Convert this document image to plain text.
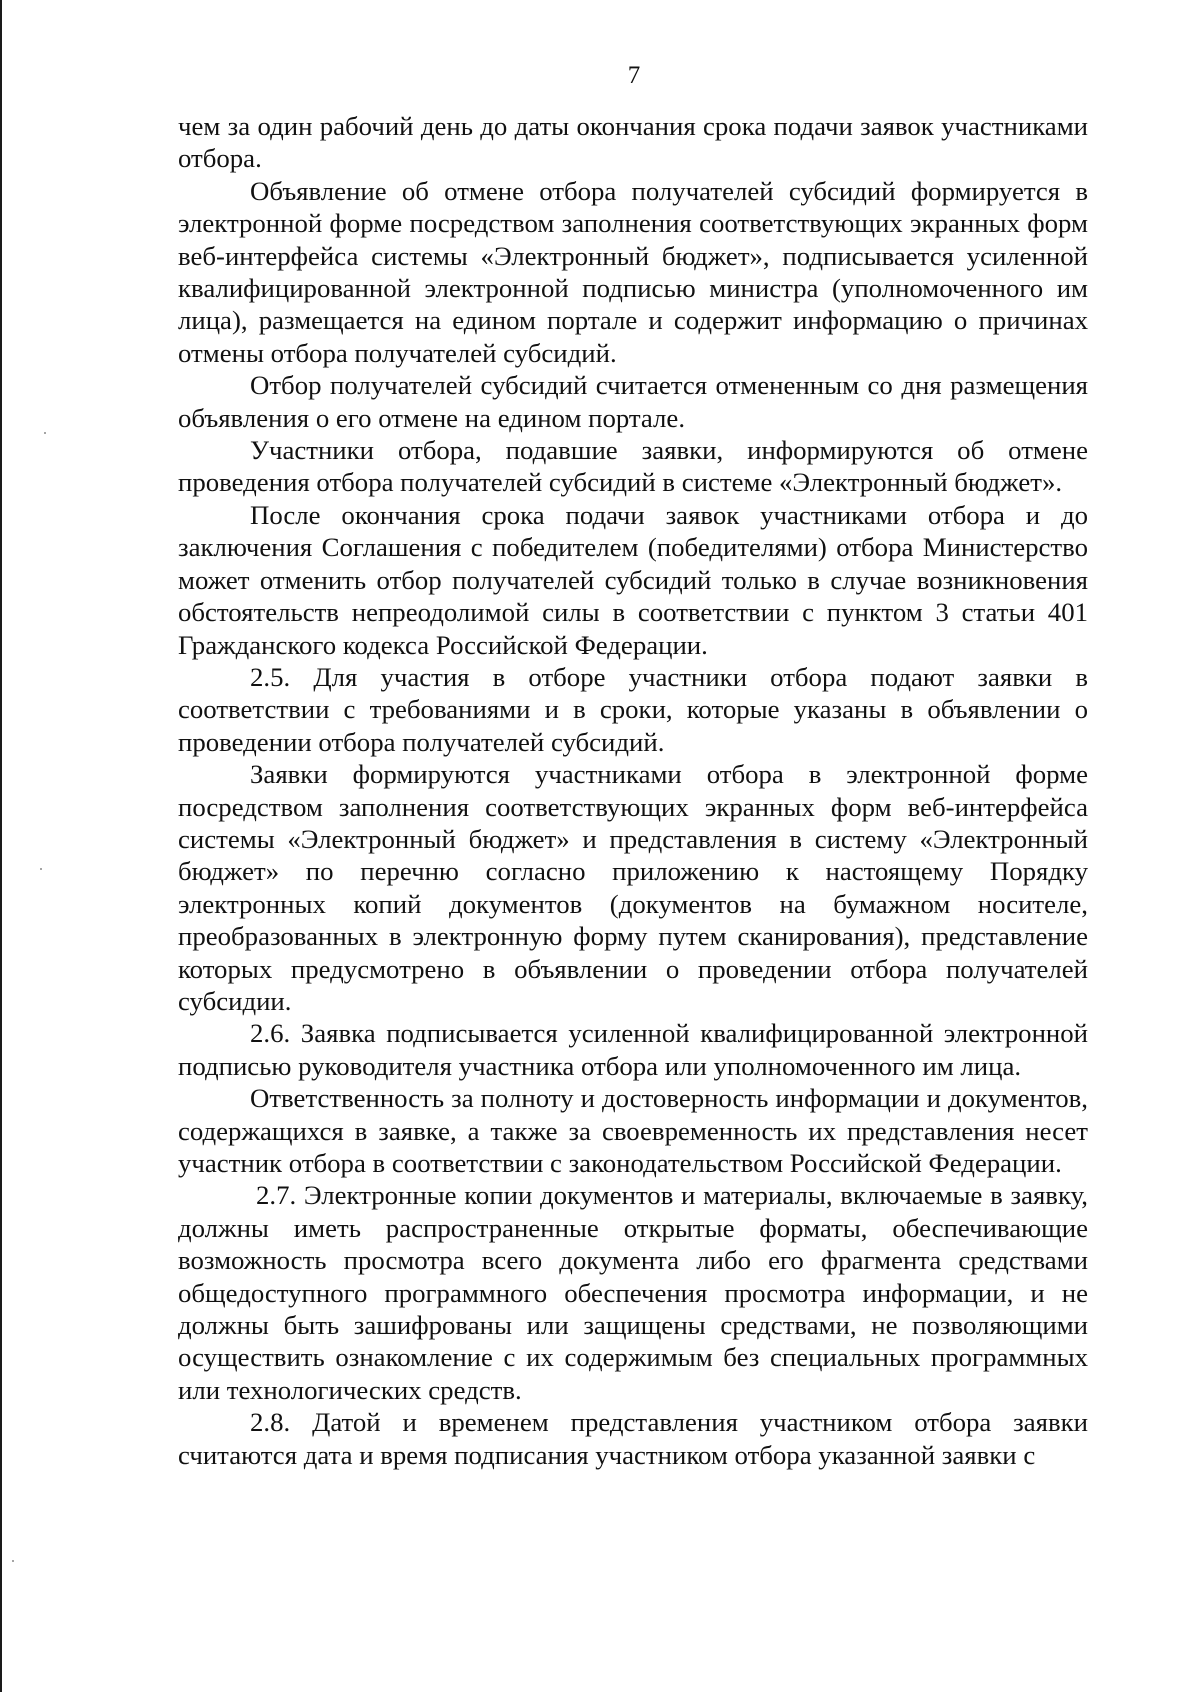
7

чем за один рабочий день до даты окончания срока подачи заявок участниками отбора.

Объявление об отмене отбора получателей субсидий формируется в электронной форме посредством заполнения соответствующих экранных форм веб-интерфейса системы «Электронный бюджет», подписывается усиленной квалифицированной электронной подписью министра (уполномоченного им лица), размещается на едином портале и содержит информацию о причинах отмены отбора получателей субсидий.

Отбор получателей субсидий считается отмененным со дня размещения объявления о его отмене на едином портале.

Участники отбора, подавшие заявки, информируются об отмене проведения отбора получателей субсидий в системе «Электронный бюджет».

После окончания срока подачи заявок участниками отбора и до заключения Соглашения с победителем (победителями) отбора Министерство может отменить отбор получателей субсидий только в случае возникновения обстоятельств непреодолимой силы в соответствии с пунктом 3 статьи 401 Гражданского кодекса Российской Федерации.

2.5. Для участия в отборе участники отбора подают заявки в соответствии с требованиями и в сроки, которые указаны в объявлении о проведении отбора получателей субсидий.

Заявки формируются участниками отбора в электронной форме посредством заполнения соответствующих экранных форм веб-интерфейса системы «Электронный бюджет» и представления в систему «Электронный бюджет» по перечню согласно приложению к настоящему Порядку электронных копий документов (документов на бумажном носителе, преобразованных в электронную форму путем сканирования), представление которых предусмотрено в объявлении о проведении отбора получателей субсидии.

2.6. Заявка подписывается усиленной квалифицированной электронной подписью руководителя участника отбора или уполномоченного им лица.

Ответственность за полноту и достоверность информации и документов, содержащихся в заявке, а также за своевременность их представления несет участник отбора в соответствии с законодательством Российской Федерации.

2.7. Электронные копии документов и материалы, включаемые в заявку, должны иметь распространенные открытые форматы, обеспечивающие возможность просмотра всего документа либо его фрагмента средствами общедоступного программного обеспечения просмотра информации, и не должны быть зашифрованы или защищены средствами, не позволяющими осуществить ознакомление с их содержимым без специальных программных или технологических средств.

2.8. Датой и временем представления участником отбора заявки считаются дата и время подписания участником отбора указанной заявки с
